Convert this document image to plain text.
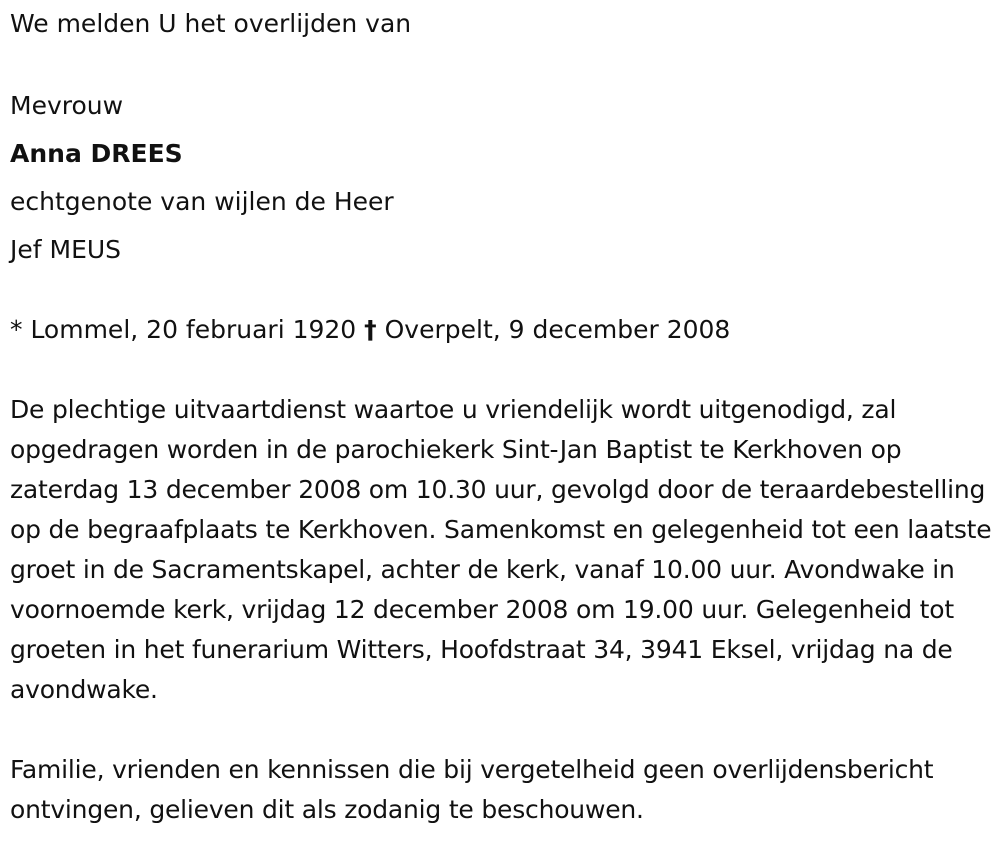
We melden U het overlijden van
Mevrouw
Anna DREES
echtgenote van wijlen de Heer
Jef MEUS
* Lommel, 20 februari 1920 † Overpelt, 9 december 2008
De plechtige uitvaartdienst waartoe u vriendelijk wordt uitgenodigd, zal opgedragen worden in de parochiekerk Sint-Jan Baptist te Kerkhoven op zaterdag 13 december 2008 om 10.30 uur, gevolgd door de teraardebestelling op de begraafplaats te Kerkhoven. Samenkomst en gelegenheid tot een laatste groet in de Sacramentskapel, achter de kerk, vanaf 10.00 uur. Avondwake in voornoemde kerk, vrijdag 12 december 2008 om 19.00 uur. Gelegenheid tot groeten in het funerarium Witters, Hoofdstraat 34, 3941 Eksel, vrijdag na de avondwake.
Familie, vrienden en kennissen die bij vergetelheid geen overlijdensbericht ontvingen, gelieven dit als zodanig te beschouwen.
